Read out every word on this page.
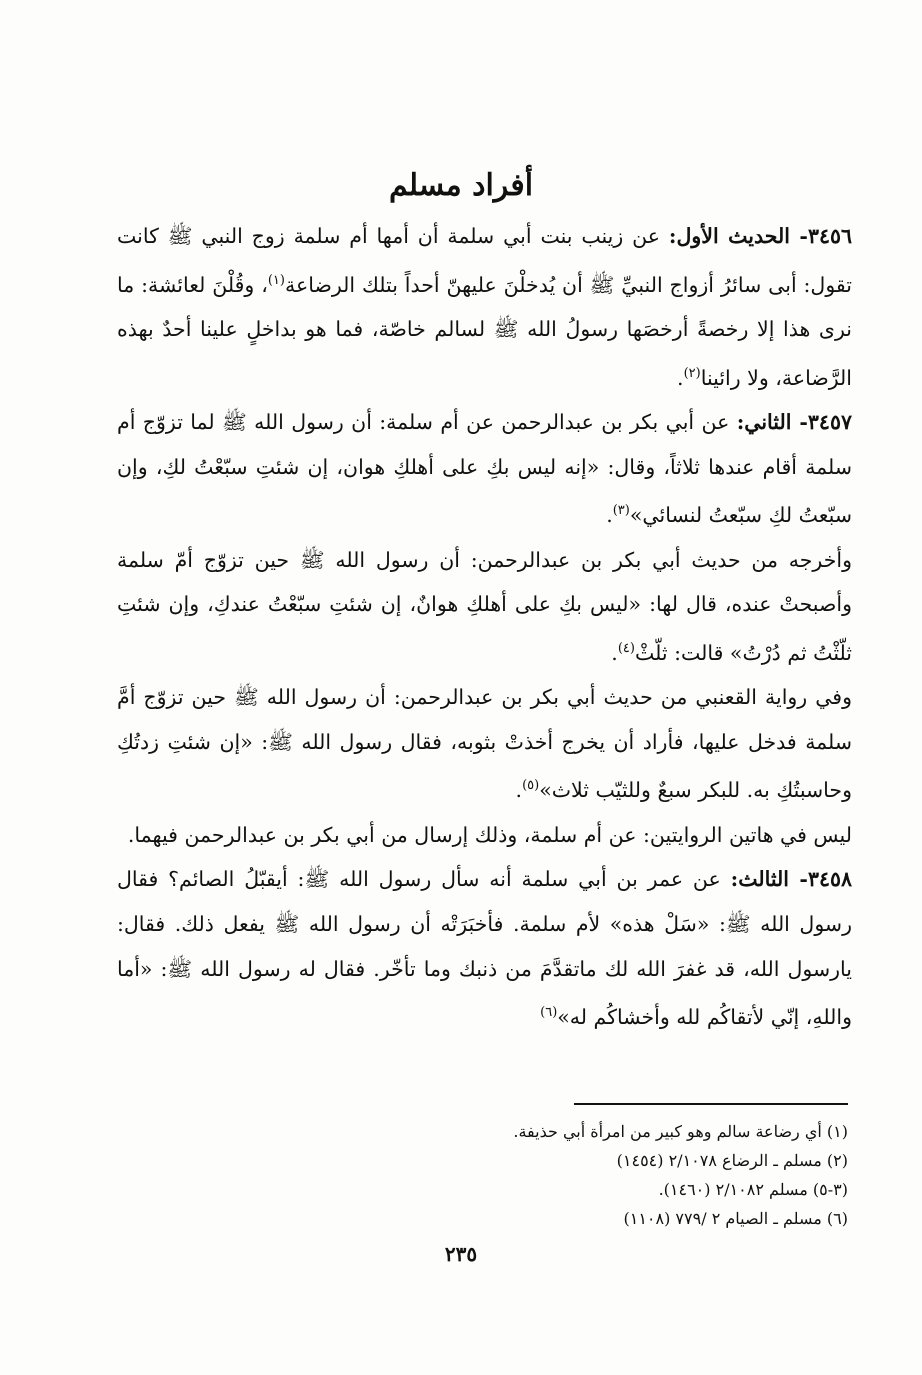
أفراد مسلم

٣٤٥٦- الحديث الأول: عن زينب بنت أبي سلمة أن أمها أم سلمة زوج النبي ﷺ كانت تقول: أبى سائرُ أزواج النبيِّ ﷺ أن يُدخلْنَ عليهنّ أحداً بتلك الرضاعة$^{(١)}$، وقُلْنَ لعائشة: ما نرى هذا إلا رخصةً أرخصَها رسولُ الله ﷺ لسالم خاصّة، فما هو بداخلٍ علينا أحدٌ بهذه الرَّضاعة، ولا رائينا$^{(٢)}$.

٣٤٥٧- الثاني: عن أبي بكر بن عبدالرحمن عن أم سلمة: أن رسول الله ﷺ لما تزوّج أم سلمة أقام عندها ثلاثاً، وقال: «إنه ليس بكِ على أهلكِ هوان، إن شئتِ سبّعْتُ لكِ، وإن سبّعتُ لكِ سبّعتُ لنسائي»$^{(٣)}$.

وأخرجه من حديث أبي بكر بن عبدالرحمن: أن رسول الله ﷺ حين تزوّج أمّ سلمة وأصبحتْ عنده، قال لها: «ليس بكِ على أهلكِ هوانٌ، إن شئتِ سبّعْتُ عندكِ، وإن شئتِ ثلّثْتُ ثم دُرْتُ» قالت: ثلّثْ$^{(٤)}$.

وفي رواية القعنبي من حديث أبي بكر بن عبدالرحمن: أن رسول الله ﷺ حين تزوّج أمَّ سلمة فدخل عليها، فأراد أن يخرج أخذتْ بثوبه، فقال رسول الله ﷺ: «إن شئتِ زدتُكِ وحاسبتُكِ به. للبكر سبعٌ وللثيّب ثلاث»$^{(٥)}$.

ليس في هاتين الروايتين: عن أم سلمة، وذلك إرسال من أبي بكر بن عبدالرحمن فيهما.

٣٤٥٨- الثالث: عن عمر بن أبي سلمة أنه سأل رسول الله ﷺ: أيقبّلُ الصائم؟ فقال رسول الله ﷺ: «سَلْ هذه» لأم سلمة. فأخبَرَتْه أن رسول الله ﷺ يفعل ذلك. فقال: يارسول الله، قد غفرَ الله لك ماتقدَّمَ من ذنبك وما تأخّر. فقال له رسول الله ﷺ: «أما واللهِ، إنّي لأتقاكُم لله وأخشاكُم له»$^{(٦)}$

(١) أي رضاعة سالم وهو كبير من امرأة أبي حذيفة.
(٢) مسلم ـ الرضاع ٢/١٠٧٨ (١٤٥٤)
(٣-٥) مسلم ٢/١٠٨٢ (١٤٦٠).
(٦) مسلم ـ الصيام ٢ /٧٧٩ (١١٠٨)
٢٣٥
